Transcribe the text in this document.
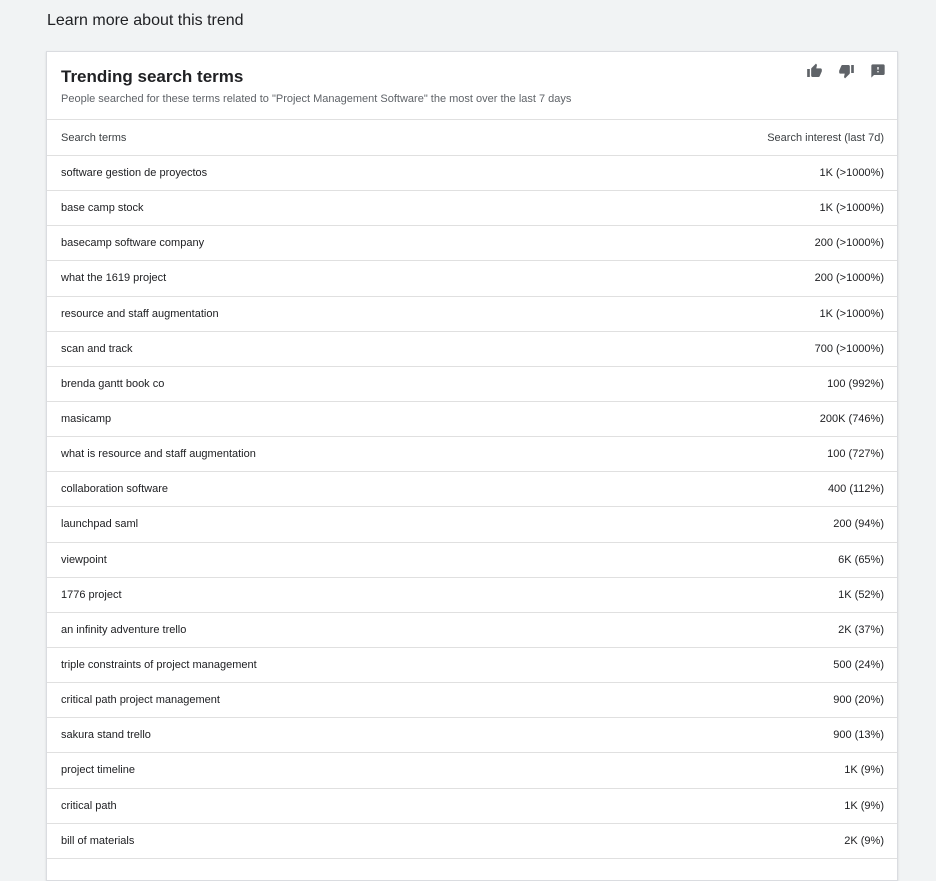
Learn more about this trend
Trending search terms
People searched for these terms related to "Project Management Software" the most over the last 7 days
Search terms	Search interest (last 7d)
software gestion de proyectos	1K (>1000%)
base camp stock	1K (>1000%)
basecamp software company	200 (>1000%)
what the 1619 project	200 (>1000%)
resource and staff augmentation	1K (>1000%)
scan and track	700 (>1000%)
brenda gantt book co	100 (992%)
masicamp	200K (746%)
what is resource and staff augmentation	100 (727%)
collaboration software	400 (112%)
launchpad saml	200 (94%)
viewpoint	6K (65%)
1776 project	1K (52%)
an infinity adventure trello	2K (37%)
triple constraints of project management	500 (24%)
critical path project management	900 (20%)
sakura stand trello	900 (13%)
project timeline	1K (9%)
critical path	1K (9%)
bill of materials	2K (9%)
